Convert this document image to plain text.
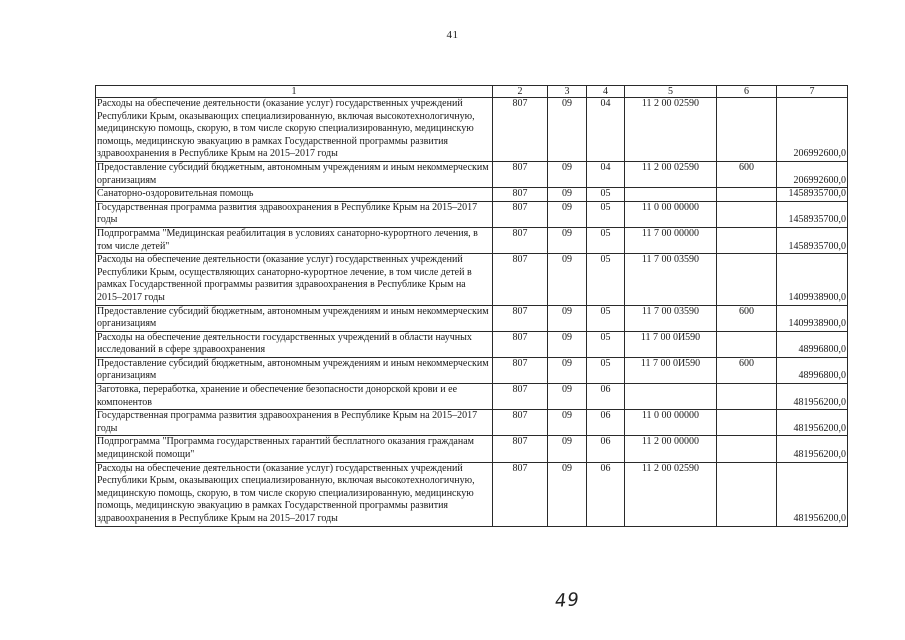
41
1	2	3	4	5	6	7
Расходы на обеспечение деятельности (оказание услуг) государственных учреждений Республики Крым, оказывающих специализированную, включая высокотехнологичную, медицинскую помощь, скорую, в том числе скорую специализированную, медицинскую помощь, медицинскую эвакуацию в рамках Государственной программы развития здравоохранения в Республике Крым на 2015–2017 годы	807	09	04	11 2 00 02590		206992600,0
Предоставление субсидий бюджетным, автономным учреждениям и иным некоммерческим организациям	807	09	04	11 2 00 02590	600	206992600,0
Санаторно-оздоровительная помощь	807	09	05			1458935700,0
Государственная программа развития здравоохранения в Республике Крым на 2015–2017 годы	807	09	05	11 0 00 00000		1458935700,0
Подпрограмма "Медицинская реабилитация в условиях санаторно-курортного лечения, в том числе детей"	807	09	05	11 7 00 00000		1458935700,0
Расходы на обеспечение деятельности (оказание услуг) государственных учреждений Республики Крым, осуществляющих санаторно-курортное лечение, в том числе детей в рамках Государственной программы развития здравоохранения в Республике Крым на 2015–2017 годы	807	09	05	11 7 00 03590		1409938900,0
Предоставление субсидий бюджетным, автономным учреждениям и иным некоммерческим организациям	807	09	05	11 7 00 03590	600	1409938900,0
Расходы на обеспечение деятельности государственных учреждений в области научных исследований в сфере здравоохранения	807	09	05	11 7 00 0И590		48996800,0
Предоставление субсидий бюджетным, автономным учреждениям и иным некоммерческим организациям	807	09	05	11 7 00 0И590	600	48996800,0
Заготовка, переработка, хранение и обеспечение безопасности донорской крови и ее компонентов	807	09	06			481956200,0
Государственная программа развития здравоохранения в Республике Крым на 2015–2017 годы	807	09	06	11 0 00 00000		481956200,0
Подпрограмма "Программа государственных гарантий бесплатного оказания гражданам медицинской помощи"	807	09	06	11 2 00 00000		481956200,0
Расходы на обеспечение деятельности (оказание услуг) государственных учреждений Республики Крым, оказывающих специализированную, включая высокотехнологичную, медицинскую помощь, скорую, в том числе скорую специализированную, медицинскую помощь, медицинскую эвакуацию в рамках Государственной программы развития здравоохранения в Республике Крым на 2015–2017 годы	807	09	06	11 2 00 02590		481956200,0
49
